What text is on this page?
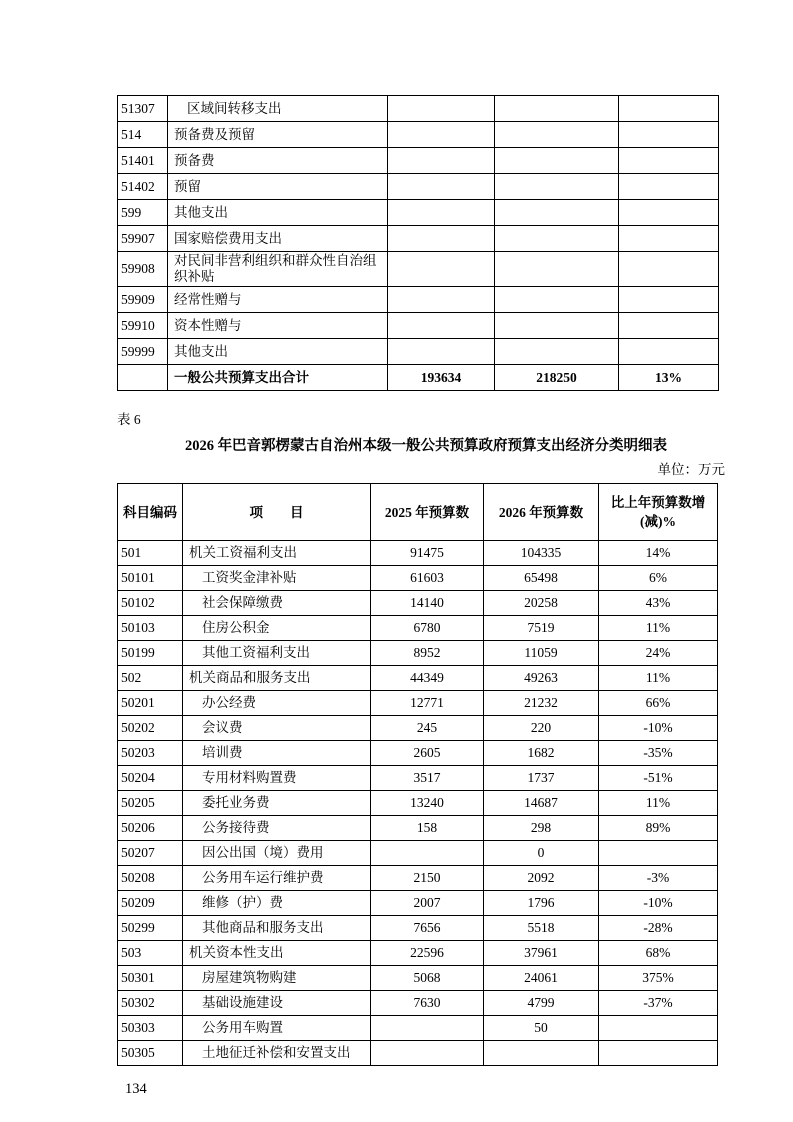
51307	区域间转移支出			
514	预备费及预留			
51401	预备费			
51402	预留			
599	其他支出			
59907	国家赔偿费用支出			
59908	对民间非营利组织和群众性自治组织补贴			
59909	经常性赠与			
59910	资本性赠与			
59999	其他支出			
	一般公共预算支出合计	193634	218250	13%
表 6
2026 年巴音郭楞蒙古自治州本级一般公共预算政府预算支出经济分类明细表
单位：万元
科目编码	项　　目	2025 年预算数	2026 年预算数	比上年预算数增
(减)%
501	机关工资福利支出	91475	104335	14%
50101	工资奖金津补贴	61603	65498	6%
50102	社会保障缴费	14140	20258	43%
50103	住房公积金	6780	7519	11%
50199	其他工资福利支出	8952	11059	24%
502	机关商品和服务支出	44349	49263	11%
50201	办公经费	12771	21232	66%
50202	会议费	245	220	-10%
50203	培训费	2605	1682	-35%
50204	专用材料购置费	3517	1737	-51%
50205	委托业务费	13240	14687	11%
50206	公务接待费	158	298	89%
50207	因公出国（境）费用		0	
50208	公务用车运行维护费	2150	2092	-3%
50209	维修（护）费	2007	1796	-10%
50299	其他商品和服务支出	7656	5518	-28%
503	机关资本性支出	22596	37961	68%
50301	房屋建筑物购建	5068	24061	375%
50302	基础设施建设	7630	4799	-37%
50303	公务用车购置		50	
50305	土地征迁补偿和安置支出			
134
